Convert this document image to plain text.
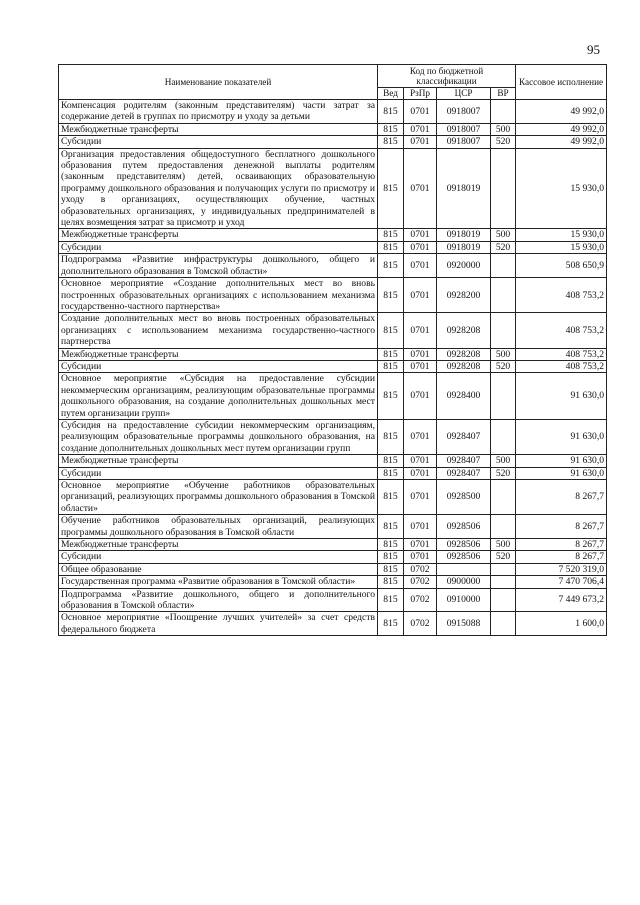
95
Наименование показателей	Код по бюджетной классификации				Кассовое исполнение
	Вед	РзПр	ЦСР	ВР	
Компенсация родителям (законным представителям) части затрат за содержание детей в группах по присмотру и уходу за детьми	815	0701	0918007		49 992,0
Межбюджетные трансферты	815	0701	0918007	500	49 992,0
Субсидии	815	0701	0918007	520	49 992,0
Организация предоставления общедоступного бесплатного дошкольного образования путем предоставления денежной выплаты родителям (законным представителям) детей, осваивающих образовательную программу дошкольного образования и получающих услуги по присмотру и уходу в организациях, осуществляющих обучение, частных образовательных организациях, у индивидуальных предпринимателей в целях возмещения затрат за присмотр и уход	815	0701	0918019		15 930,0
Межбюджетные трансферты	815	0701	0918019	500	15 930,0
Субсидии	815	0701	0918019	520	15 930,0
Подпрограмма «Развитие инфраструктуры дошкольного, общего и дополнительного образования в Томской области»	815	0701	0920000		508 650,9
Основное мероприятие «Создание дополнительных мест во вновь построенных образовательных организациях с использованием механизма государственно-частного партнерства»	815	0701	0928200		408 753,2
Создание дополнительных мест во вновь построенных образовательных организациях с использованием механизма государственно-частного партнерства	815	0701	0928208		408 753,2
Межбюджетные трансферты	815	0701	0928208	500	408 753,2
Субсидии	815	0701	0928208	520	408 753,2
Основное мероприятие «Субсидия на предоставление субсидии некоммерческим организациям, реализующим образовательные программы дошкольного образования, на создание дополнительных дошкольных мест путем организации групп»	815	0701	0928400		91 630,0
Субсидия на предоставление субсидии некоммерческим организациям, реализующим образовательные программы дошкольного образования, на создание дополнительных дошкольных мест путем организации групп	815	0701	0928407		91 630,0
Межбюджетные трансферты	815	0701	0928407	500	91 630,0
Субсидии	815	0701	0928407	520	91 630,0
Основное мероприятие «Обучение работников образовательных организаций, реализующих программы дошкольного образования в Томской области»	815	0701	0928500		8 267,7
Обучение работников образовательных организаций, реализующих программы дошкольного образования в Томской области	815	0701	0928506		8 267,7
Межбюджетные трансферты	815	0701	0928506	500	8 267,7
Субсидии	815	0701	0928506	520	8 267,7
Общее образование	815	0702			7 520 319,0
Государственная программа «Развитие образования в Томской области»	815	0702	0900000		7 470 706,4
Подпрограмма «Развитие дошкольного, общего и дополнительного образования в Томской области»	815	0702	0910000		7 449 673,2
Основное мероприятие «Поощрение лучших учителей» за счет средств федерального бюджета	815	0702	0915088		1 600,0
